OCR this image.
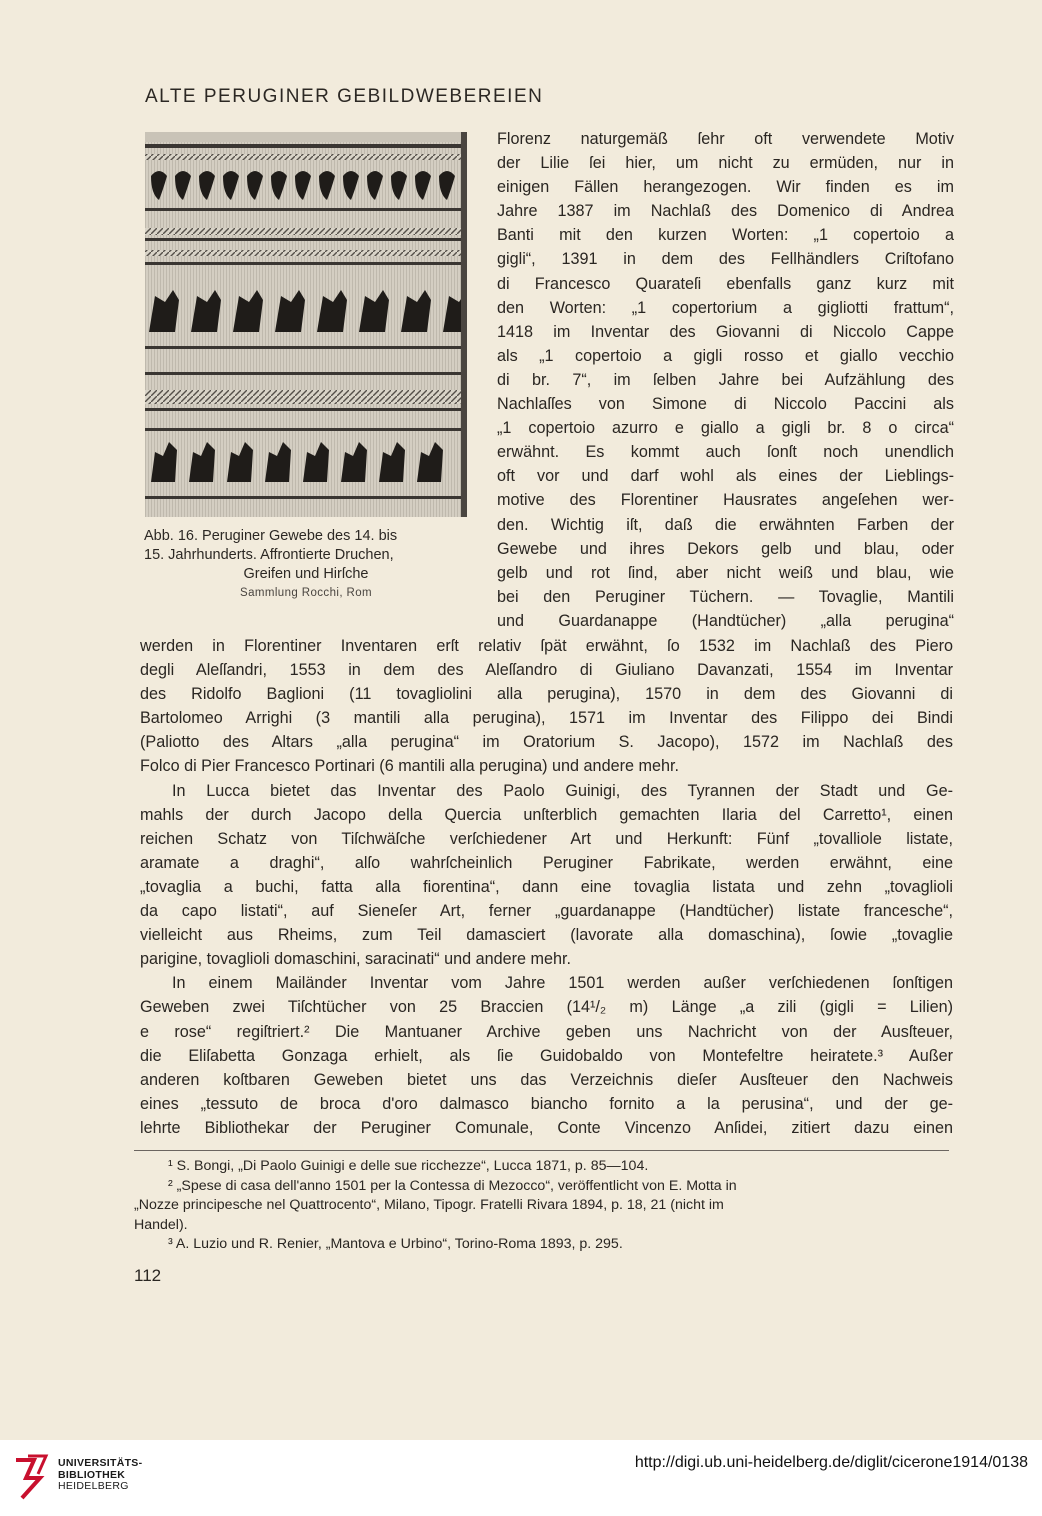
ALTE PERUGINER GEBILDWEBEREIEN
Abb. 16. Peruginer Gewebe des 14. bis
15. Jahrhunderts. Affrontierte Druchen,
Greifen und Hirſche
Sammlung Rocchi, Rom
Florenz naturgemäß ſehr oft verwendete Motiv
der Lilie ſei hier, um nicht zu ermüden, nur in
einigen Fällen herangezogen. Wir finden es im
Jahre 1387 im Nachlaß des Domenico di Andrea
Banti mit den kurzen Worten: „1 copertoio a
gigli“, 1391 in dem des Fellhändlers Criſtofano
di Francesco Quarateſi ebenfalls ganz kurz mit
den Worten: „1 copertorium a gigliotti frattum“,
1418 im Inventar des Giovanni di Niccolo Cappe
als „1 copertoio a gigli rosso et giallo vecchio
di br. 7“, im ſelben Jahre bei Aufzählung des
Nachlaſſes von Simone di Niccolo Paccini als
„1 copertoio azurro e giallo a gigli br. 8 o circa“
erwähnt. Es kommt auch ſonſt noch unendlich
oft vor und darf wohl als eines der Lieblings-
motive des Florentiner Hausrates angeſehen wer-
den. Wichtig iſt, daß die erwähnten Farben der
Gewebe und ihres Dekors gelb und blau, oder
gelb und rot ſind, aber nicht weiß und blau, wie
bei den Peruginer Tüchern. — Tovaglie, Mantili
und Guardanappe (Handtücher) „alla perugina“
werden in Florentiner Inventaren erſt relativ ſpät erwähnt, ſo 1532 im Nachlaß des Piero
degli Aleſſandri, 1553 in dem des Aleſſandro di Giuliano Davanzati, 1554 im Inventar
des Ridolfo Baglioni (11 tovagliolini alla perugina), 1570 in dem des Giovanni di
Bartolomeo Arrighi (3 mantili alla perugina), 1571 im Inventar des Filippo dei Bindi
(Paliotto des Altars „alla perugina“ im Oratorium S. Jacopo), 1572 im Nachlaß des
Folco di Pier Francesco Portinari (6 mantili alla perugina) und andere mehr.
In Lucca bietet das Inventar des Paolo Guinigi, des Tyrannen der Stadt und Ge-
mahls der durch Jacopo della Quercia unſterblich gemachten Ilaria del Carretto¹, einen
reichen Schatz von Tiſchwäſche verſchiedener Art und Herkunft: Fünf „tovalliole listate,
aramate a draghi“, alſo wahrſcheinlich Peruginer Fabrikate, werden erwähnt, eine
„tovaglia a buchi, fatta alla fiorentina“, dann eine tovaglia listata und zehn „tovaglioli
da capo listati“, auf Sieneſer Art, ferner „guardanappe (Handtücher) listate francesche“,
vielleicht aus Rheims, zum Teil damasciert (lavorate alla domaschina), ſowie „tovaglie
parigine, tovaglioli domaschini, saracinati“ und andere mehr.
In einem Mailänder Inventar vom Jahre 1501 werden außer verſchiedenen ſonſtigen
Geweben zwei Tiſchtücher von 25 Braccien (14¹/₂ m) Länge „a zili (gigli = Lilien)
e rose“ regiſtriert.² Die Mantuaner Archive geben uns Nachricht von der Ausſteuer,
die Eliſabetta Gonzaga erhielt, als ſie Guidobaldo von Montefeltre heiratete.³ Außer
anderen koſtbaren Geweben bietet uns das Verzeichnis dieſer Ausſteuer den Nachweis
eines „tessuto de broca d'oro dalmasco biancho fornito a la perusina“, und der ge-
lehrte Bibliothekar der Peruginer Comunale, Conte Vincenzo Anſidei, zitiert dazu einen
¹ S. Bongi, „Di Paolo Guinigi e delle sue ricchezze“, Lucca 1871, p. 85—104.
² „Spese di casa dell'anno 1501 per la Contessa di Mezocco“, veröffentlicht von E. Motta in
„Nozze principesche nel Quattrocento“, Milano, Tipogr. Fratelli Rivara 1894, p. 18, 21 (nicht im
Handel).
³ A. Luzio und R. Renier, „Mantova e Urbino“, Torino-Roma 1893, p. 295.
112
UNIVERSITÄTS-
BIBLIOTHEK
HEIDELBERG
http://digi.ub.uni-heidelberg.de/diglit/cicerone1914/0138
